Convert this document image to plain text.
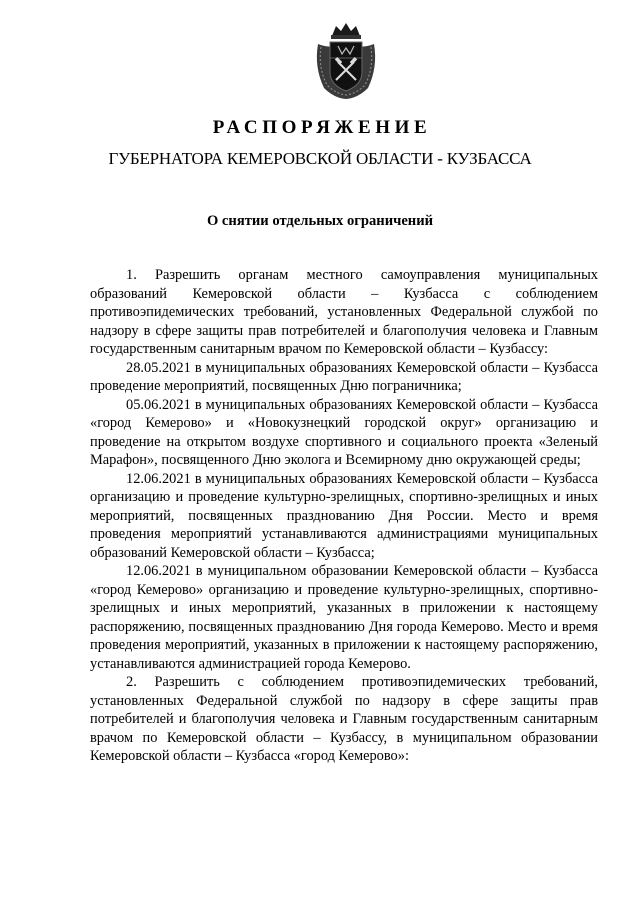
РАСПОРЯЖЕНИЕ
ГУБЕРНАТОРА КЕМЕРОВСКОЙ ОБЛАСТИ - КУЗБАССА
О снятии отдельных ограничений

1. Разрешить органам местного самоуправления муниципальных образований Кемеровской области – Кузбасса с соблюдением противоэпидемических требований, установленных Федеральной службой по надзору в сфере защиты прав потребителей и благополучия человека и Главным государственным санитарным врачом по Кемеровской области – Кузбассу:

28.05.2021 в муниципальных образованиях Кемеровской области – Кузбасса проведение мероприятий, посвященных Дню пограничника;

05.06.2021 в муниципальных образованиях Кемеровской области – Кузбасса «город Кемерово» и «Новокузнецкий городской округ» организацию и проведение на открытом воздухе спортивного и социального проекта «Зеленый Марафон», посвященного Дню эколога и Всемирному дню окружающей среды;

12.06.2021 в муниципальных образованиях Кемеровской области – Кузбасса организацию и проведение культурно-зрелищных, спортивно-зрелищных и иных мероприятий, посвященных празднованию Дня России. Место и время проведения мероприятий устанавливаются администрациями муниципальных образований Кемеровской области – Кузбасса;

12.06.2021 в муниципальном образовании Кемеровской области – Кузбасса «город Кемерово» организацию и проведение культурно-зрелищных, спортивно-зрелищных и иных мероприятий, указанных в приложении к настоящему распоряжению, посвященных празднованию Дня города Кемерово. Место и время проведения мероприятий, указанных в приложении к настоящему распоряжению, устанавливаются администрацией города Кемерово.

2. Разрешить с соблюдением противоэпидемических требований, установленных Федеральной службой по надзору в сфере защиты прав потребителей и благополучия человека и Главным государственным санитарным врачом по Кемеровской области – Кузбассу, в муниципальном образовании Кемеровской области – Кузбасса «город Кемерово»:
